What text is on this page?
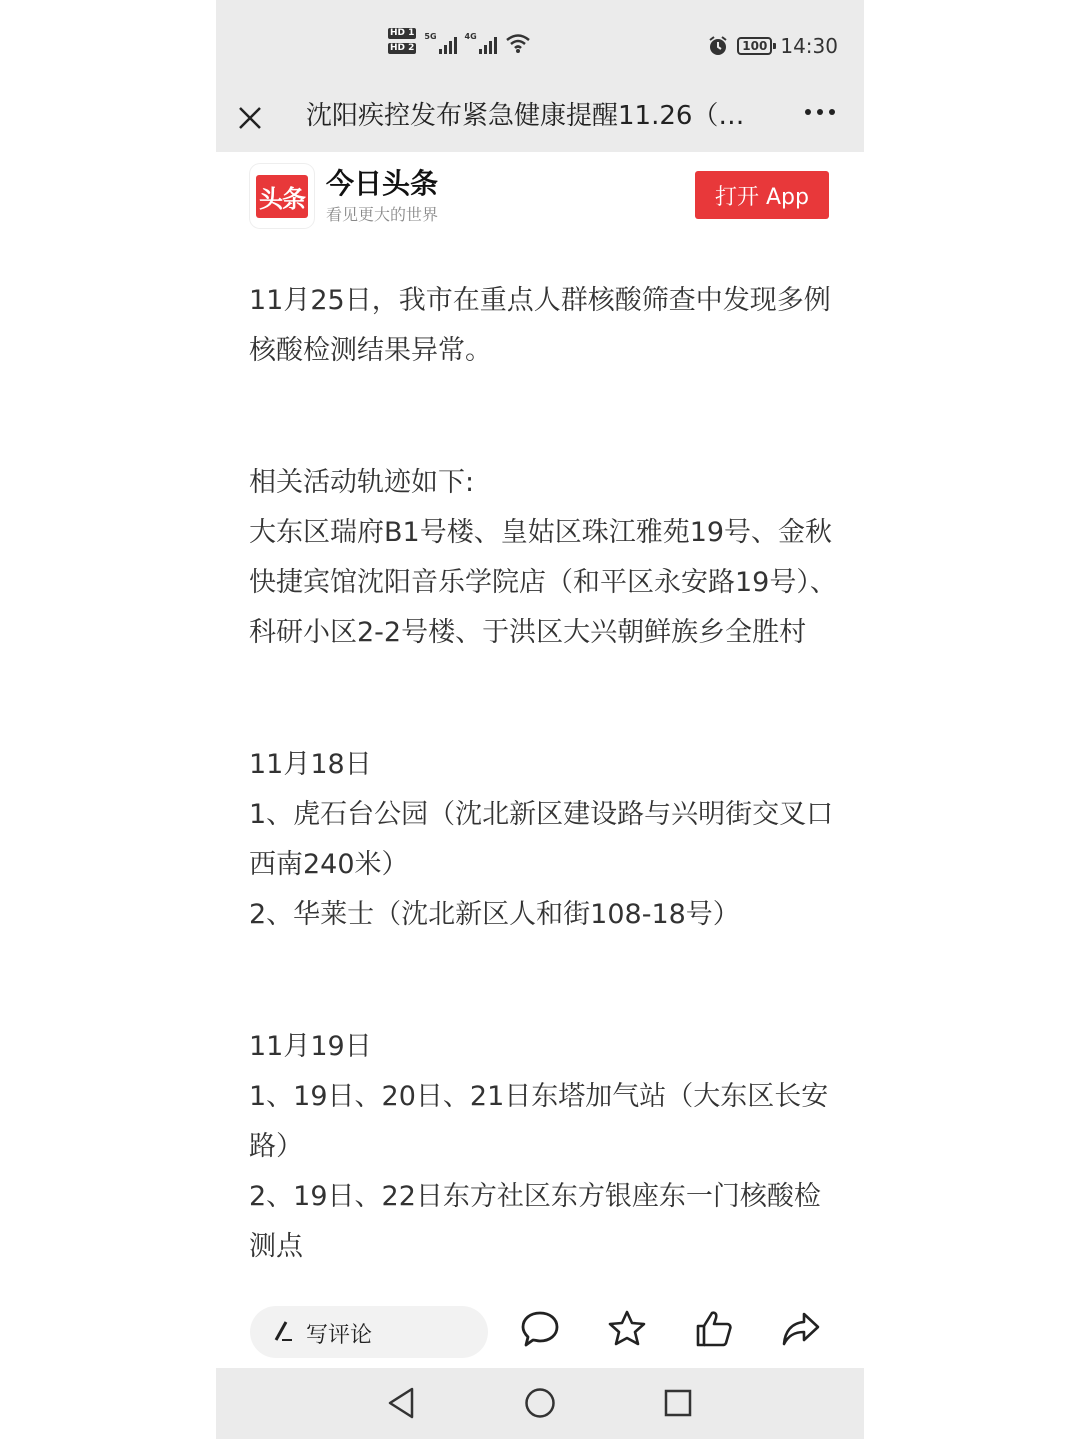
HD 1
HD 2
5G	4G
100 14:30
沈阳疾控发布紧急健康提醒11.26（…
头条 今日头条
看见更大的世界
打开 App

11月25日，我市在重点人群核酸筛查中发现多例核酸检测结果异常。

相关活动轨迹如下:

大东区瑞府B1号楼、皇姑区珠江雅苑19号、金秋快捷宾馆沈阳音乐学院店（和平区永安路19号）、科研小区2-2号楼、于洪区大兴朝鲜族乡全胜村

11月18日

1、虎石台公园（沈北新区建设路与兴明街交叉口西南240米）

2、华莱士（沈北新区人和街108-18号）

11月19日

1、19日、20日、21日东塔加气站（大东区长安路）

2、19日、22日东方社区东方银座东一门核酸检测点

写评论
